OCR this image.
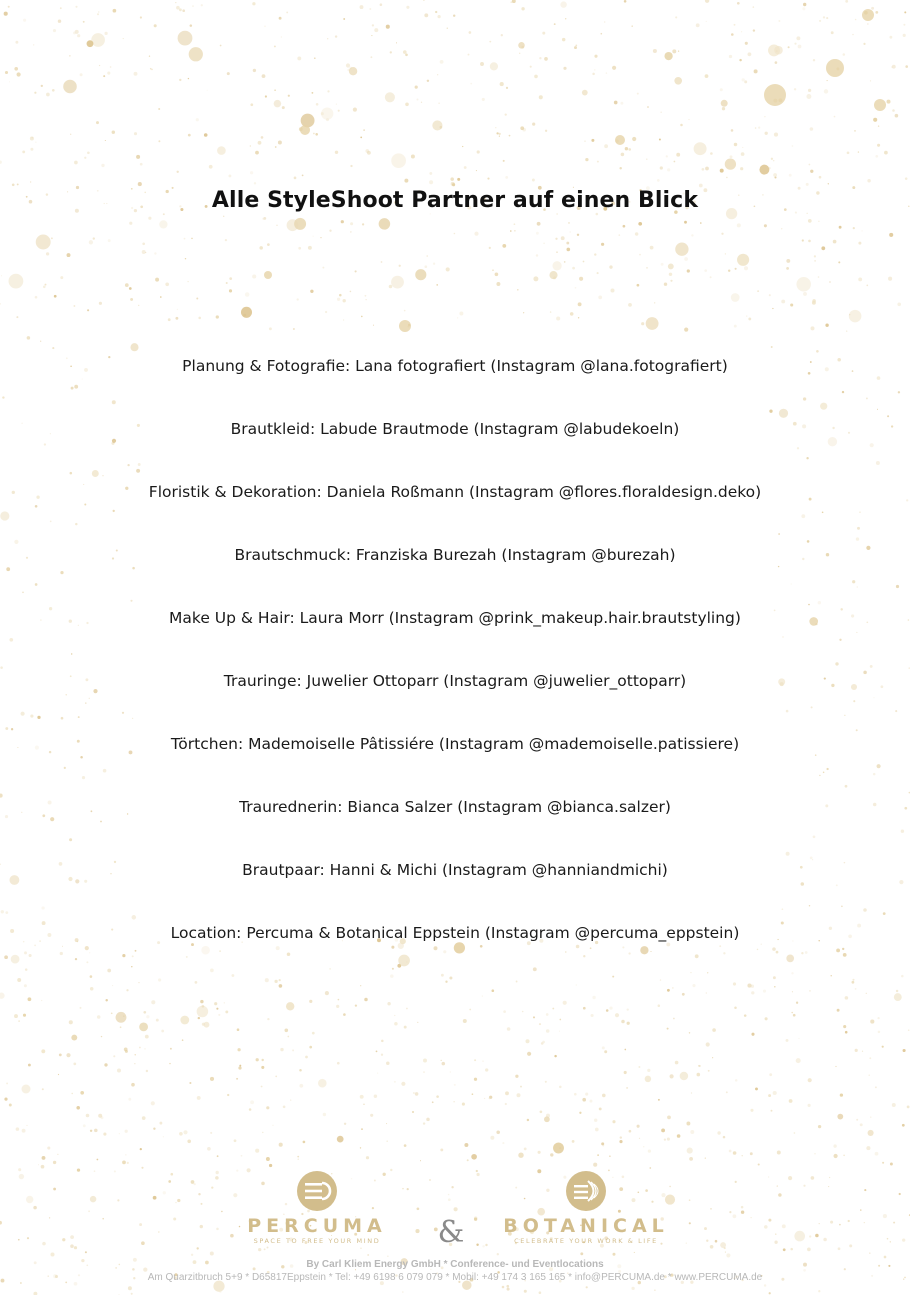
Alle StyleShoot Partner auf einen Blick
Planung & Fotografie: Lana fotografiert (Instagram @lana.fotografiert)
Brautkleid: Labude Brautmode (Instagram @labudekoeln)
Floristik & Dekoration: Daniela Roßmann (Instagram @flores.floraldesign.deko)
Brautschmuck: Franziska Burezah (Instagram @burezah)
Make Up & Hair: Laura Morr (Instagram @prink_makeup.hair.brautstyling)
Trauringe: Juwelier Ottoparr (Instagram @juwelier_ottoparr)
Törtchen: Mademoiselle Pâtissiére (Instagram @mademoiselle.patissiere)
Traurednerin: Bianca Salzer (Instagram @bianca.salzer)
Brautpaar: Hanni & Michi (Instagram @hanniandmichi)
Location: Percuma & Botanical Eppstein (Instagram @percuma_eppstein)
PERCUMA
SPACE TO FREE YOUR MIND	&	BOTANICAL
CELEBRATE YOUR WORK & LIFE
By Carl Kliem Energy GmbH * Conference- und Eventlocations
Am Quarzitbruch 5+9 * D65817Eppstein * Tel: +49 6198 6 079 079 * Mobil: +49 174 3 165 165 * info@PERCUMA.de * www.PERCUMA.de
